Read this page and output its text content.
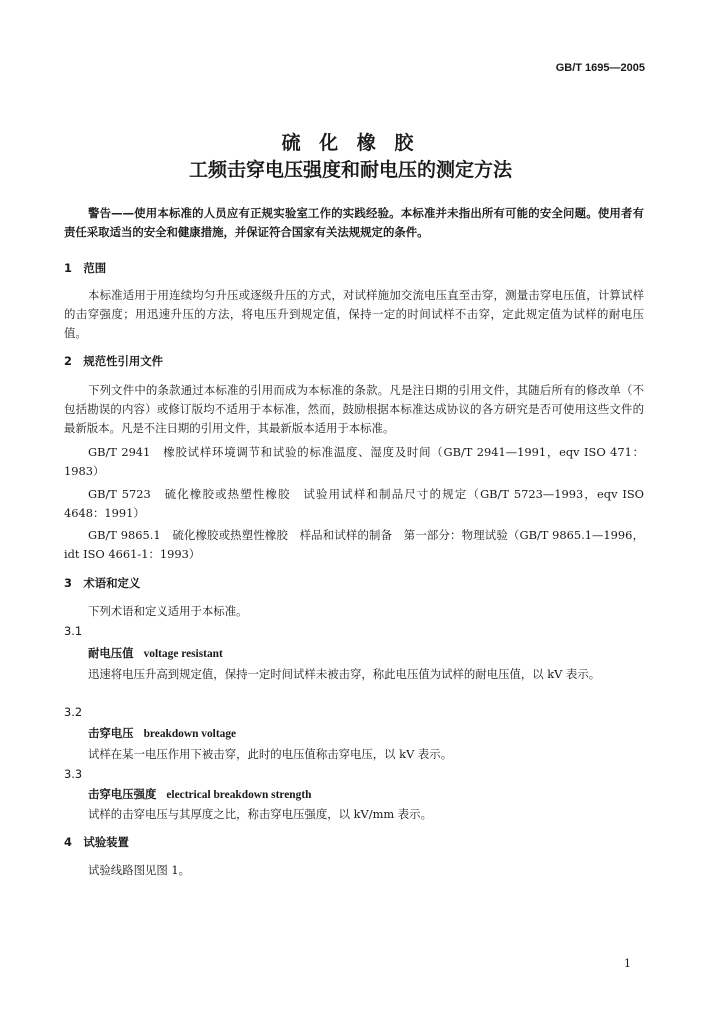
GB/T 1695—2005
硫 化 橡 胶
工频击穿电压强度和耐电压的测定方法

警告——使用本标准的人员应有正规实验室工作的实践经验。本标准并未指出所有可能的安全问题。使用者有责任采取适当的安全和健康措施，并保证符合国家有关法规规定的条件。

1　范围

本标准适用于用连续均匀升压或逐级升压的方式，对试样施加交流电压直至击穿，测量击穿电压值，计算试样的击穿强度；用迅速升压的方法，将电压升到规定值，保持一定的时间试样不击穿，定此规定值为试样的耐电压值。

2　规范性引用文件

下列文件中的条款通过本标准的引用而成为本标准的条款。凡是注日期的引用文件，其随后所有的修改单（不包括勘误的内容）或修订版均不适用于本标准，然而，鼓励根据本标准达成协议的各方研究是否可使用这些文件的最新版本。凡是不注日期的引用文件，其最新版本适用于本标准。

GB/T 2941　橡胶试样环境调节和试验的标准温度、湿度及时间（GB/T 2941—1991，eqv ISO 471：1983）

GB/T 5723　硫化橡胶或热塑性橡胶　试验用试样和制品尺寸的规定（GB/T 5723—1993，eqv ISO 4648：1991）

GB/T 9865.1　硫化橡胶或热塑性橡胶　样品和试样的制备　第一部分：物理试验（GB/T 9865.1—1996，idt ISO 4661-1：1993）

3　术语和定义
下列术语和定义适用于本标准。
3.1
耐电压值 voltage resistant

迅速将电压升高到规定值，保持一定时间试样未被击穿，称此电压值为试样的耐电压值，以 kV 表示。

3.2
击穿电压 breakdown voltage

试样在某一电压作用下被击穿，此时的电压值称击穿电压，以 kV 表示。

3.3
击穿电压强度 electrical breakdown strength

试样的击穿电压与其厚度之比，称击穿电压强度，以 kV/mm 表示。

4　试验装置
试验线路图见图 1。
1
